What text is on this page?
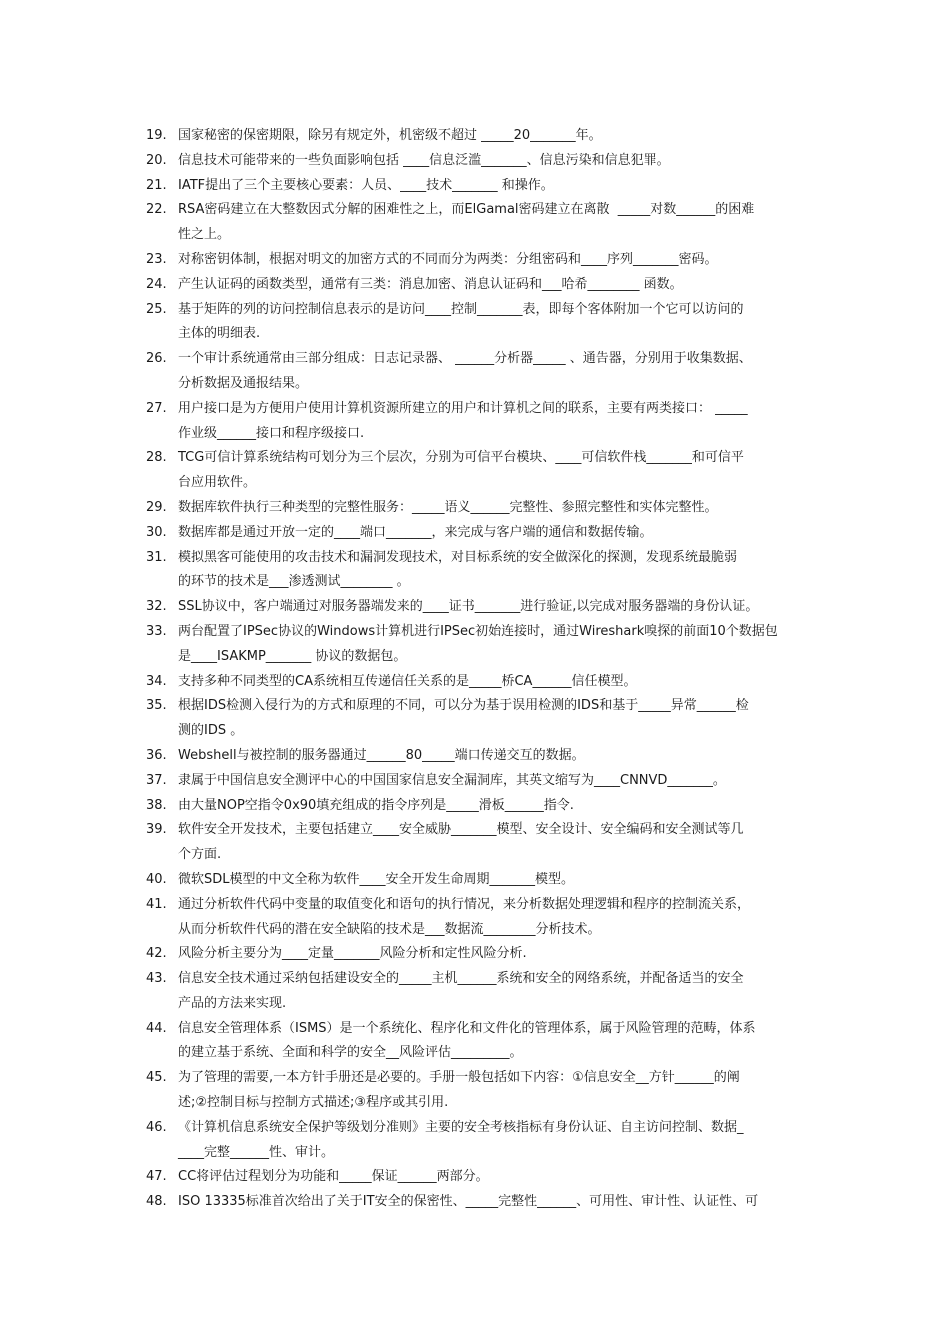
19. 国家秘密的保密期限，除另有规定外，机密级不超过 _____20_______年。
20. 信息技术可能带来的一些负面影响包括 ____信息泛滥_______、信息污染和信息犯罪。
21. IATF提出了三个主要核心要素：人员、____技术_______ 和操作。
22. RSA密码建立在大整数因式分解的困难性之上，而ElGamal密码建立在离散  _____对数______的困难
性之上。
23. 对称密钥体制，根据对明文的加密方式的不同而分为两类：分组密码和____序列_______密码。
24. 产生认证码的函数类型，通常有三类：消息加密、消息认证码和___哈希________ 函数。
25. 基于矩阵的列的访问控制信息表示的是访问____控制_______表，即每个客体附加一个它可以访问的
主体的明细表.
26. 一个审计系统通常由三部分组成：日志记录器、 ______分析器_____ 、通告器，分别用于收集数据、
分析数据及通报结果。
27. 用户接口是为方便用户使用计算机资源所建立的用户和计算机之间的联系，主要有两类接口： _____
作业级______接口和程序级接口.
28. TCG可信计算系统结构可划分为三个层次，分别为可信平台模块、____可信软件栈_______和可信平
台应用软件。
29. 数据库软件执行三种类型的完整性服务：_____语义______完整性、参照完整性和实体完整性。
30. 数据库都是通过开放一定的____端口_______，来完成与客户端的通信和数据传输。
31. 模拟黑客可能使用的攻击技术和漏洞发现技术，对目标系统的安全做深化的探测，发现系统最脆弱
的环节的技术是___渗透测试________ 。
32. SSL协议中，客户端通过对服务器端发来的____证书_______进行验证,以完成对服务器端的身份认证。
33. 两台配置了IPSec协议的Windows计算机进行IPSec初始连接时，通过Wireshark嗅探的前面10个数据包
是____ISAKMP_______ 协议的数据包。
34. 支持多种不同类型的CA系统相互传递信任关系的是_____桥CA______信任模型。
35. 根据IDS检测入侵行为的方式和原理的不同，可以分为基于误用检测的IDS和基于_____异常______检
测的IDS 。
36. Webshell与被控制的服务器通过______80_____端口传递交互的数据。
37. 隶属于中国信息安全测评中心的中国国家信息安全漏洞库，其英文缩写为____CNNVD_______。
38. 由大量NOP空指令0x90填充组成的指令序列是_____滑板______指令.
39. 软件安全开发技术，主要包括建立____安全威胁_______模型、安全设计、安全编码和安全测试等几
个方面.
40. 微软SDL模型的中文全称为软件____安全开发生命周期_______模型。
41. 通过分析软件代码中变量的取值变化和语句的执行情况，来分析数据处理逻辑和程序的控制流关系，
从而分析软件代码的潜在安全缺陷的技术是___数据流________分析技术。
42. 风险分析主要分为____定量_______风险分析和定性风险分析.
43. 信息安全技术通过采纳包括建设安全的_____主机______系统和安全的网络系统，并配备适当的安全
产品的方法来实现.
44. 信息安全管理体系（ISMS）是一个系统化、程序化和文件化的管理体系，属于风险管理的范畴，体系
的建立基于系统、全面和科学的安全__风险评估_________。
45. 为了管理的需要,一本方针手册还是必要的。手册一般包括如下内容：①信息安全__方针______的阐
述;②控制目标与控制方式描述;③程序或其引用.
46. 《计算机信息系统安全保护等级划分准则》主要的安全考核指标有身份认证、自主访问控制、数据_
____完整______性、审计。
47. CC将评估过程划分为功能和_____保证______两部分。
48. ISO 13335标准首次给出了关于IT安全的保密性、_____完整性______、可用性、审计性、认证性、可
